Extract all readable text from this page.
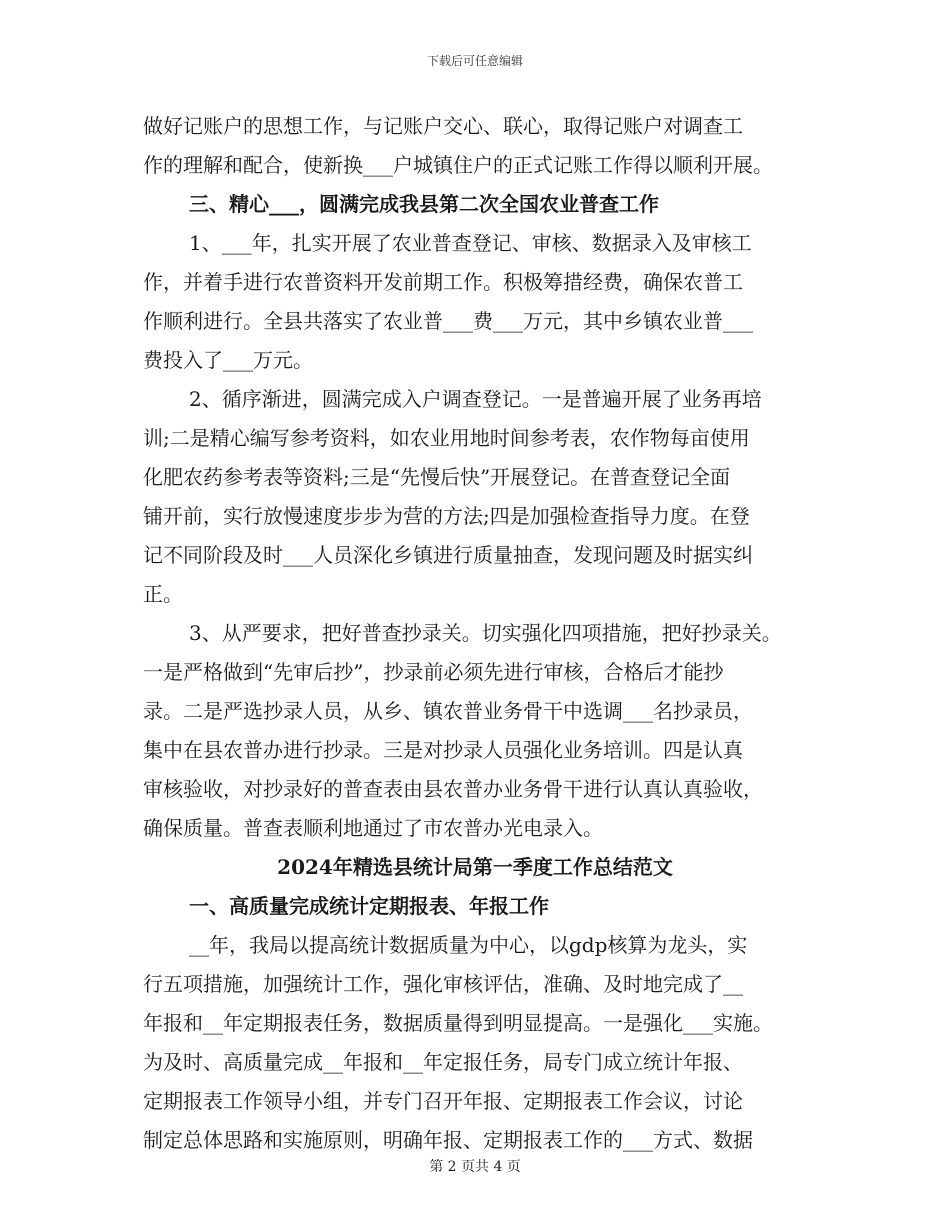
下载后可任意编辑
做好记账户的思想工作，与记账户交心、联心，取得记账户对调查工
作的理解和配合，使新换___户城镇住户的正式记账工作得以顺利开展。
三、精心___，圆满完成我县第二次全国农业普查工作
1、___年，扎实开展了农业普查登记、审核、数据录入及审核工
作，并着手进行农普资料开发前期工作。积极筹措经费，确保农普工
作顺利进行。全县共落实了农业普___费___万元，其中乡镇农业普___
费投入了___万元。
2、循序渐进，圆满完成入户调查登记。一是普遍开展了业务再培
训;二是精心编写参考资料，如农业用地时间参考表，农作物每亩使用
化肥农药参考表等资料;三是“先慢后快”开展登记。在普查登记全面
铺开前，实行放慢速度步步为营的方法;四是加强检查指导力度。在登
记不同阶段及时___人员深化乡镇进行质量抽查，发现问题及时据实纠
正。
3、从严要求，把好普查抄录关。切实强化四项措施，把好抄录关。
一是严格做到“先审后抄”，抄录前必须先进行审核，合格后才能抄
录。二是严选抄录人员，从乡、镇农普业务骨干中选调___名抄录员，
集中在县农普办进行抄录。三是对抄录人员强化业务培训。四是认真
审核验收，对抄录好的普查表由县农普办业务骨干进行认真认真验收，
确保质量。普查表顺利地通过了市农普办光电录入。
2024年精选县统计局第一季度工作总结范文
一、高质量完成统计定期报表、年报工作
__年，我局以提高统计数据质量为中心，以gdp核算为龙头，实
行五项措施，加强统计工作，强化审核评估，准确、及时地完成了__
年报和__年定期报表任务，数据质量得到明显提高。一是强化___实施。
为及时、高质量完成__年报和__年定报任务，局专门成立统计年报、
定期报表工作领导小组，并专门召开年报、定期报表工作会议，讨论
制定总体思路和实施原则，明确年报、定期报表工作的___方式、数据
第 2 页共 4 页
